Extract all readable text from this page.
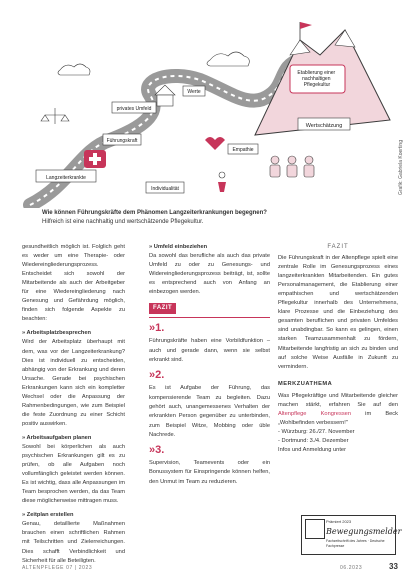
Etablierung einer nachhaltigen Pflegekultur
privates Umfeld
Werte
Wertschätzung
Führungskraft
Empathie
Langzeiterkrankte
Individualität	Grafik: Gabriela Koerting
Wie können Führungskräfte dem Phänomen Langzeiterkrankungen begegnen?
Hilfreich ist eine nachhaltig und wertschätzende Pflegekultur.

gesundheitlich möglich ist. Folglich geht es weder um eine Therapie- oder Wiedereingliederungsprozess. Entscheidet sich sowohl der Mitarbeitende als auch der Arbeitgeber für eine Wiedereingliederung nach Genesung und Gefährdung möglich, finden sich folgende Aspekte zu beachten:

» Arbeitsplatzbesprechen

Wird der Arbeitsplatz überhaupt mit dem, was vor der Langzeiterkrankung? Dies ist individuell zu entscheiden, abhängig von der Erkrankung und deren Ursache. Gerade bei psychischen Erkrankungen kann sich ein kompletter Wechsel oder die Anpassung der Rahmenbedingungen, wie zum Beispiel die feste Zuordnung zu einer Schicht positiv auswirken.

» Arbeitsaufgaben planen

Sowohl bei körperlichen als auch psychischen Erkrankungen gilt es zu prüfen, ob alle Aufgaben noch vollumfänglich geleistet werden können. Es ist wichtig, dass alle Anpassungen im Team besprochen werden, da das Team diese möglicherweise mittragen muss.

» Zeitplan erstellen

Genau, detaillierte Maßnahmen brauchen einen schriftlichen Rahmen mit Teilschritten und Zielerreichungen. Dies schafft Verbindlichkeit und Sicherheit für alle Beteiligten.

» Umfeld einbeziehen

Da sowohl das berufliche als auch das private Umfeld zu oder zu Genesungs- und Widereingliederungsprozess beiträgt, ist, sollte es entsprechend auch von Anfang an einbezogen werden.

FAZIT
»1.
Führungskräfte haben eine Vorbildfunktion – auch und gerade dann, wenn sie selbst erkrankt sind.
»2.
Es ist Aufgabe der Führung, das kompensierende Team zu begleiten. Dazu gehört auch, unangemessenes Verhalten der erkrankten Person gegenüber zu unterbinden, zum Beispiel Witze, Mobbing oder üble Nachrede.
»3.
Supervision, Teamevents oder ein Bonussystem für Einspringende können helfen, den Unmut im Team zu reduzieren.
FAZIT

Die Führungskraft in der Altenpflege spielt eine zentrale Rolle im Genesungsprozess eines langzeiterkrankten Mitarbeitenden. Ein gutes Personalmanagement, die Etablierung einer empathischen und wertschätzenden Pflegekultur innerhalb des Unternehmens, klare Prozesse und die Einbeziehung des gesamten beruflichen und privaten Umfeldes sind unabdingbar. So kann es gelingen, einen starken Teamzusammenhalt zu fördern, Mitarbeitende langfristig an sich zu binden und auf solche Weise Ausfälle in Zukunft zu vermindern.

MERKZUATHEMA

Was Pflegekräftige und Mitarbeitende gleicher machen stärkt, erfahren Sie auf den Altenpflege Kongressen im Beck „Wohlbefinden verbessern!"

- Würzburg: 26./27. November

- Dortmund: 3./4. Dezember

Infos und Anmeldung unter

Prämiert 2023
Bewegungsmelder
Fachzeitschrift des Jahres · Deutsche Fachpresse
ALTENPFLEGE 07 | 2023	06.2023	33
